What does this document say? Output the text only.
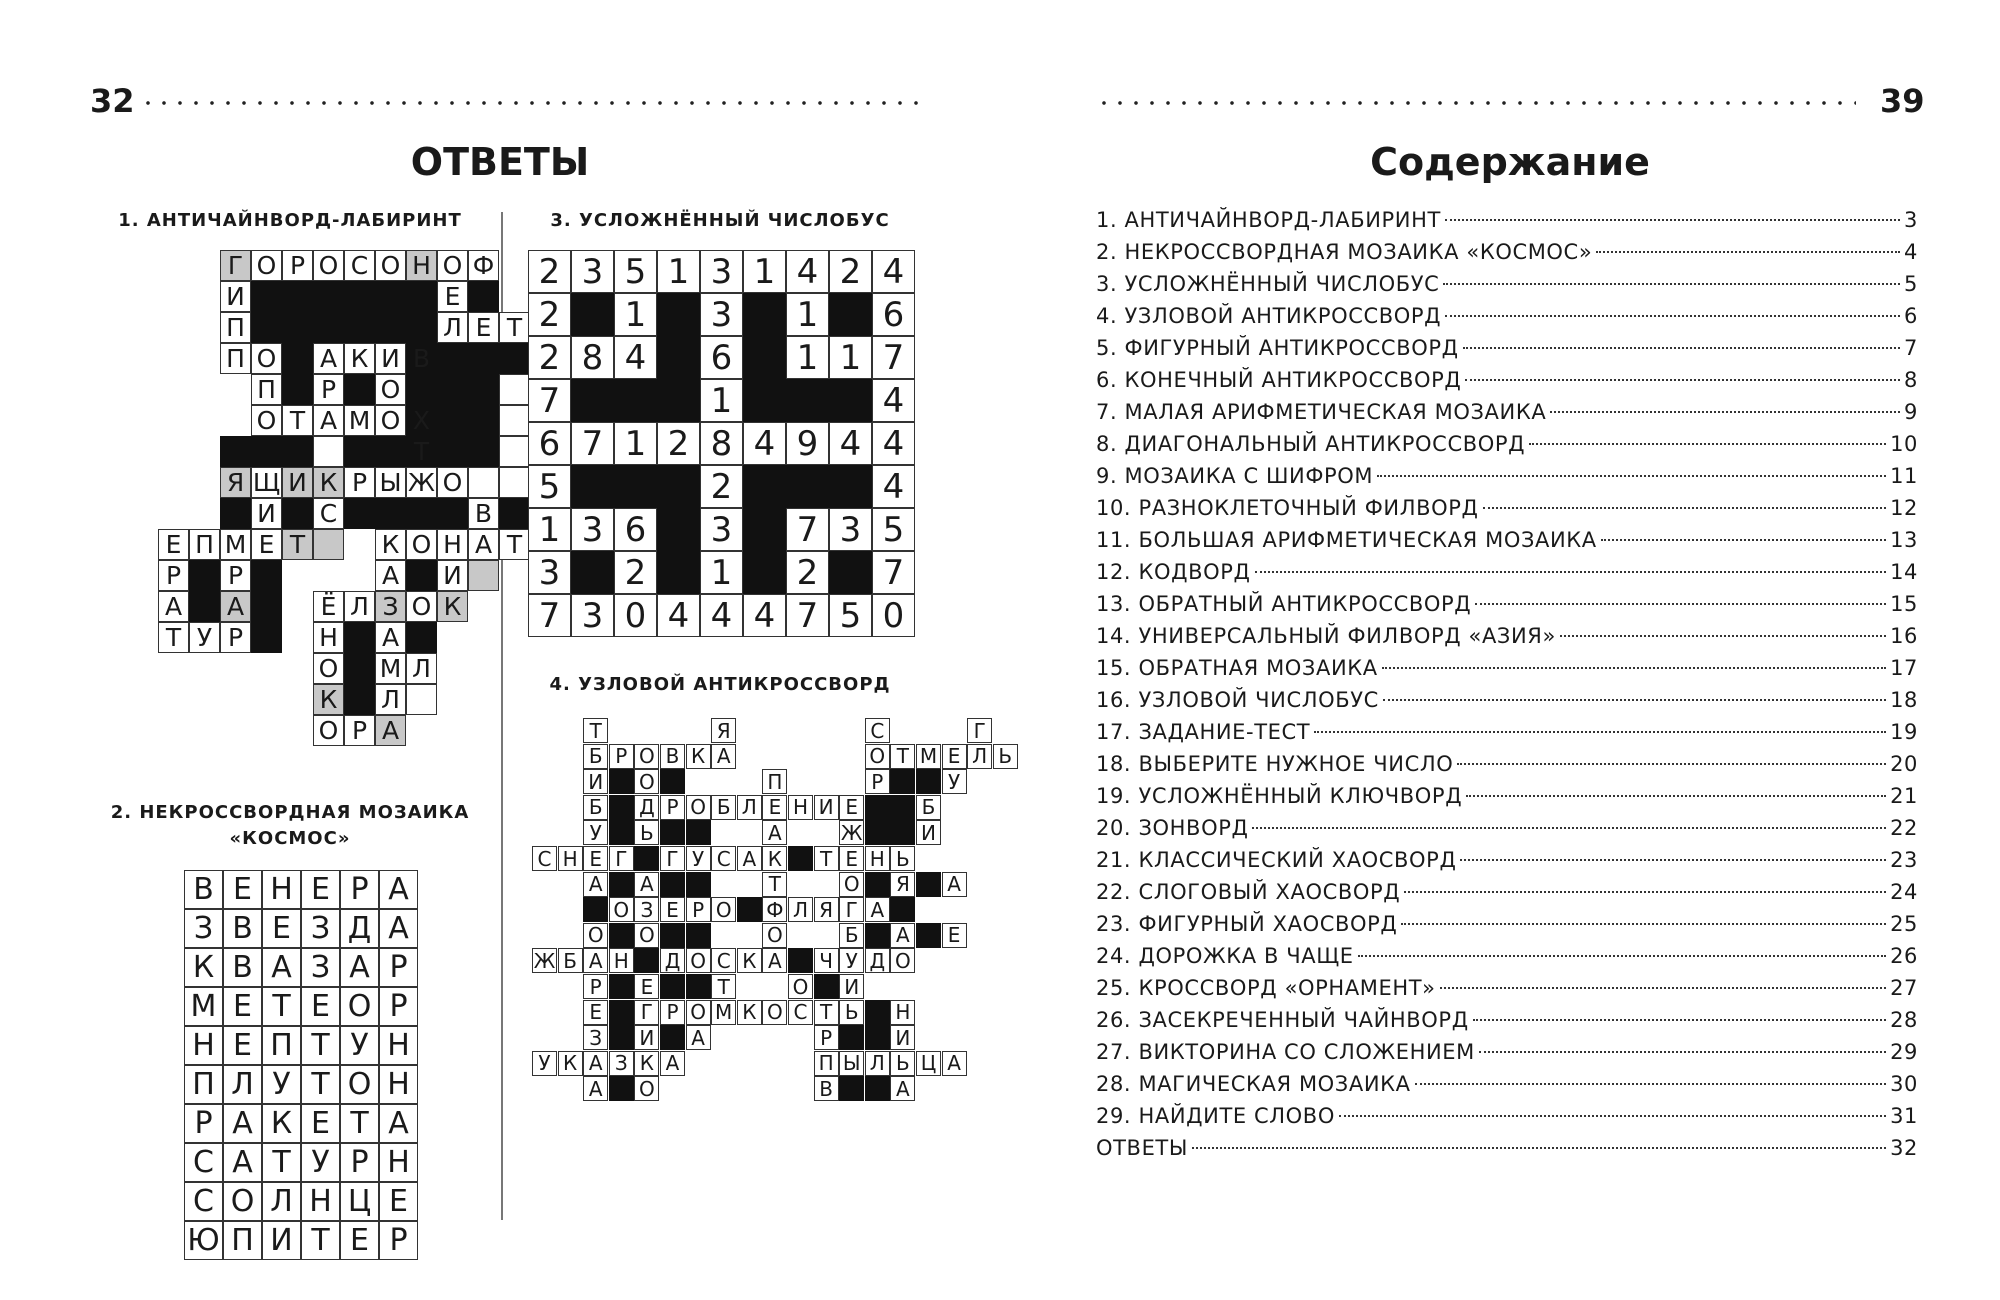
32
ОТВЕТЫ
1. АНТИЧАЙНВОРД-ЛАБИРИНТ	3. УСЛОЖНЁННЫЙ ЧИСЛОБУС
Г О Р О С О Н О Ф
И	Е
П	Л Е Т
П О А К И В
П	Р	О
О Т А М О Х
Т
Я Щ И К Р Ы Ж О
И С	В
Е П М Е Т	К О Н А Т
Р	Р	А И
А А	Ё Л З О К
Т У Р	Н А
О М Л
К Л
О Р А
2 3 5 1 3 1 4 2 4
2	1	3	1	6
2 8 4	6	1 1 7
7	1	4
6 7 1 2 8 4 9 4 4
5	2	4
1 3 6	3	7 3 5
3	2	1	2	7
7 3 0 4 4 4 7 5 0
2. НЕКРОССВОРДНАЯ МОЗАИКА «КОСМОС»
В Е Н Е Р А
З В Е З Д А
К В А З А Р
М Е Т Е О Р
Н Е П Т У Н
П Л У Т О Н
Р А К Е Т А
С А Т У Р Н
С О Л Н Ц Е
Ю П И Т Е Р
4. УЗЛОВОЙ АНТИКРОССВОРД
Т	Я	С	Г
Б Р О В К А	О Т М Е Л Ь
И О	П	Р	У
Б Д Р О Б Л Е Н И Е	Б
У	Ь	А	Ж	И
С Н Е Г	Г У С А К	Т Е Н Ь
А А	Т	О Я А
О З Е Р О Ф Л Я Г А
О О	О	Б А	Е
Ж Б А Н Д О С К А Ч У Д О
Р	Е	Т	О И
Е	Г Р О М К О С Т Ь Н
З	И А	Р	И
У К А З К А	П Ы Л Ь Ц А
А О	В	А
39
Содержание
1. АНТИЧАЙНВОРД-ЛАБИРИНТ	3
2. НЕКРОССВОРДНАЯ МОЗАИКА «КОСМОС»	4
3. УСЛОЖНЁННЫЙ ЧИСЛОБУС	5
4. УЗЛОВОЙ АНТИКРОССВОРД	6
5. ФИГУРНЫЙ АНТИКРОССВОРД	7
6. КОНЕЧНЫЙ АНТИКРОССВОРД	8
7. МАЛАЯ АРИФМЕТИЧЕСКАЯ МОЗАИКА	9
8. ДИАГОНАЛЬНЫЙ АНТИКРОССВОРД	10
9. МОЗАИКА С ШИФРОМ	11
10. РАЗНОКЛЕТОЧНЫЙ ФИЛВОРД	12
11. БОЛЬШАЯ АРИФМЕТИЧЕСКАЯ МОЗАИКА	13
12. КОДВОРД	14
13. ОБРАТНЫЙ АНТИКРОССВОРД	15
14. УНИВЕРСАЛЬНЫЙ ФИЛВОРД «АЗИЯ»	16
15. ОБРАТНАЯ МОЗАИКА	17
16. УЗЛОВОЙ ЧИСЛОБУС	18
17. ЗАДАНИЕ-ТЕСТ	19
18. ВЫБЕРИТЕ НУЖНОЕ ЧИСЛО	20
19. УСЛОЖНЁННЫЙ КЛЮЧВОРД	21
20. ЗОНВОРД	22
21. КЛАССИЧЕСКИЙ ХАОСВОРД	23
22. СЛОГОВЫЙ ХАОСВОРД	24
23. ФИГУРНЫЙ ХАОСВОРД	25
24. ДОРОЖКА В ЧАЩЕ	26
25. КРОССВОРД «ОРНАМЕНТ»	27
26. ЗАСЕКРЕЧЕННЫЙ ЧАЙНВОРД	28
27. ВИКТОРИНА СО СЛОЖЕНИЕМ	29
28. МАГИЧЕСКАЯ МОЗАИКА	30
29. НАЙДИТЕ СЛОВО	31
ОТВЕТЫ	32
